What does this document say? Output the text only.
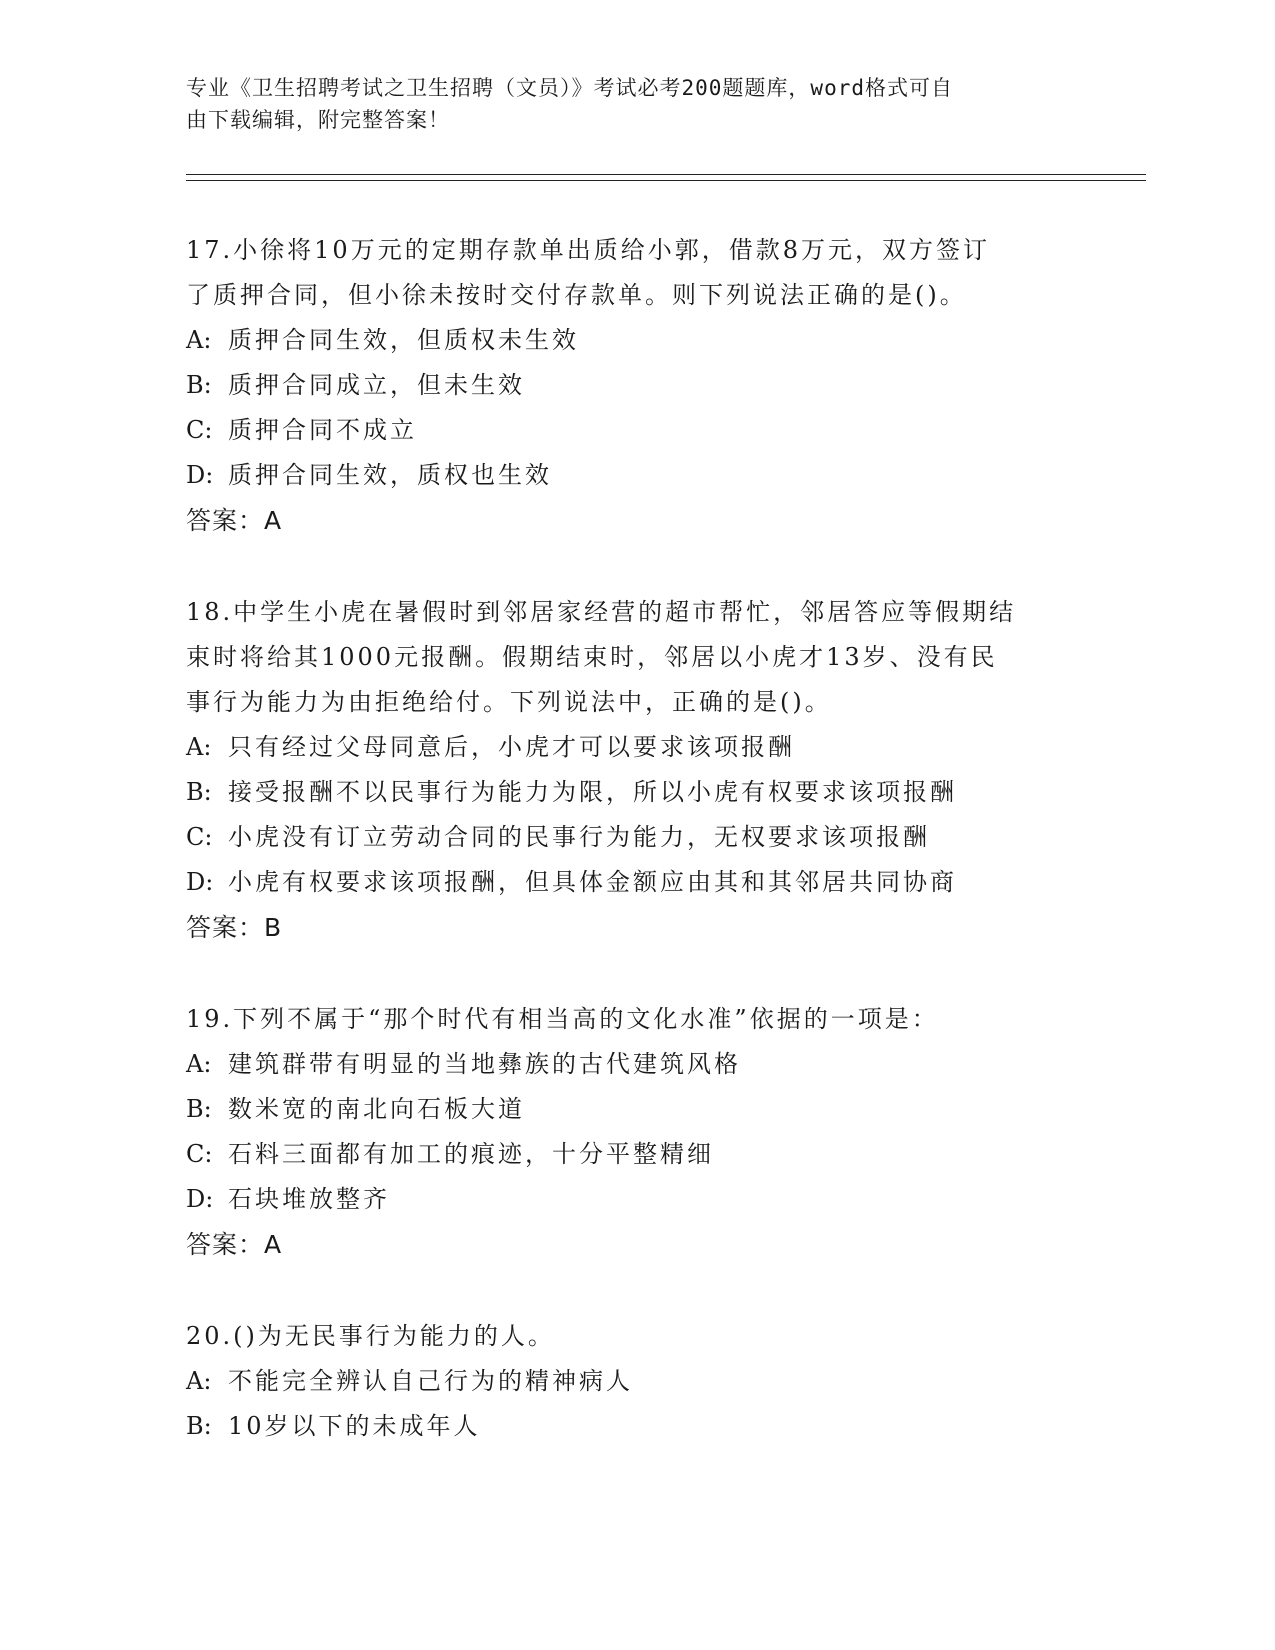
专业《卫生招聘考试之卫生招聘（文员）》考试必考200题题库，word格式可自
由下载编辑，附完整答案！

17.小徐将10万元的定期存款单出质给小郭，借款8万元，双方签订

了质押合同，但小徐未按时交付存款单。则下列说法正确的是()。

A: 质押合同生效，但质权未生效

B: 质押合同成立，但未生效

C: 质押合同不成立

D: 质押合同生效，质权也生效

答案：A

18.中学生小虎在暑假时到邻居家经营的超市帮忙，邻居答应等假期结

束时将给其1000元报酬。假期结束时，邻居以小虎才13岁、没有民

事行为能力为由拒绝给付。下列说法中，正确的是()。

A: 只有经过父母同意后，小虎才可以要求该项报酬

B: 接受报酬不以民事行为能力为限，所以小虎有权要求该项报酬

C: 小虎没有订立劳动合同的民事行为能力，无权要求该项报酬

D: 小虎有权要求该项报酬，但具体金额应由其和其邻居共同协商

答案：B

19.下列不属于“那个时代有相当高的文化水准”依据的一项是：

A: 建筑群带有明显的当地彝族的古代建筑风格

B: 数米宽的南北向石板大道

C: 石料三面都有加工的痕迹，十分平整精细

D: 石块堆放整齐

答案：A

20.()为无民事行为能力的人。

A: 不能完全辨认自己行为的精神病人

B: 10岁以下的未成年人
